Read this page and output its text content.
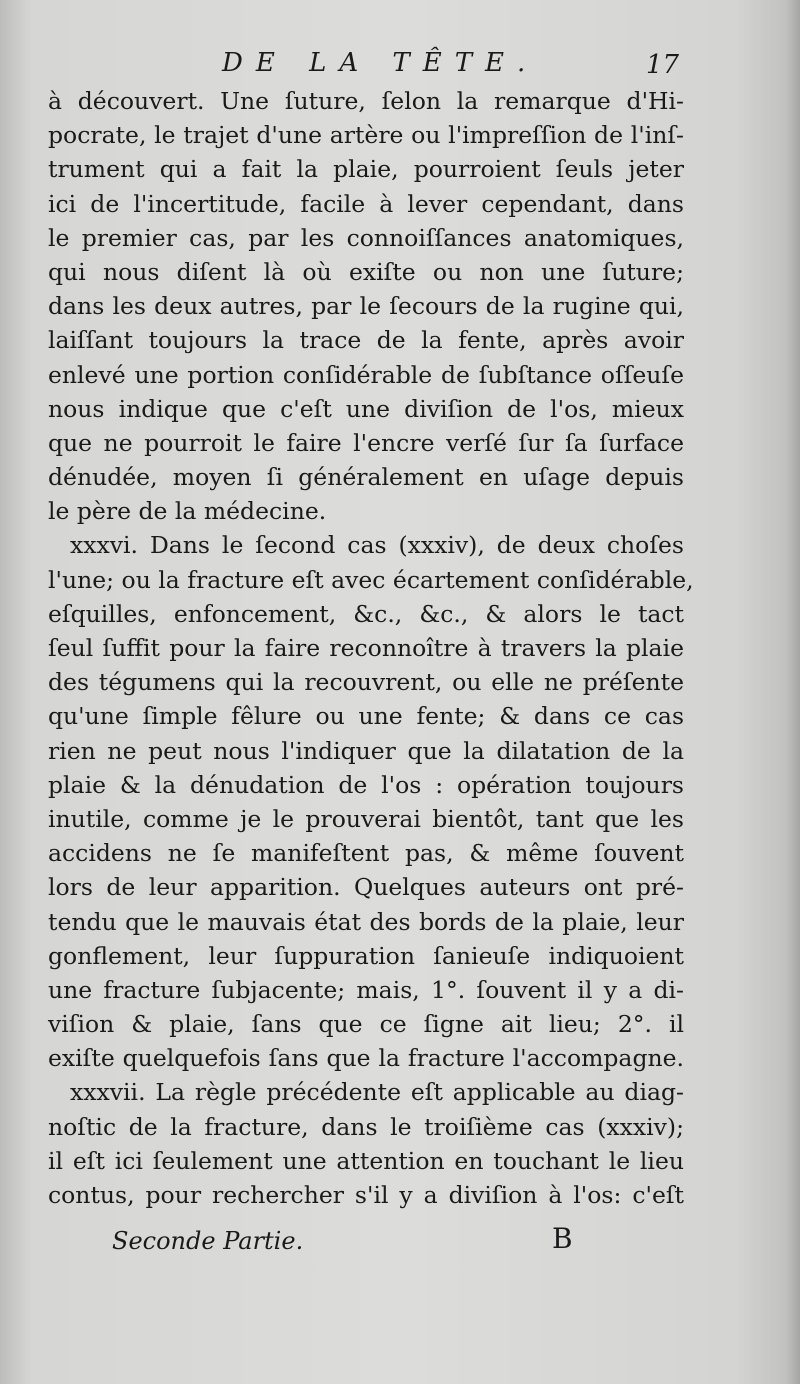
DE LA TÊTE.	17
à découvert. Une ſuture, ſelon la remarque d'Hi-
pocrate, le trajet d'une artère ou l'impreſſion de l'inſ-
trument qui a fait la plaie, pourroient ſeuls jeter
ici de l'incertitude, facile à lever cependant, dans
le premier cas, par les connoiſſances anatomiques,
qui nous diſent là où exiſte ou non une ſuture;
dans les deux autres, par le ſecours de la rugine qui,
laiſſant toujours la trace de la fente, après avoir
enlevé une portion conſidérable de ſubſtance oſſeuſe
nous indique que c'eſt une diviſion de l'os, mieux
que ne pourroit le faire l'encre verſé ſur ſa ſurface
dénudée, moyen ſi généralement en uſage depuis
le père de la médecine.
xxxvi. Dans le ſecond cas (xxxiv), de deux choſes
l'une; ou la fracture eſt avec écartement conſidérable,
eſquilles, enfoncement, &c., &c., & alors le tact
ſeul ſuffit pour la faire reconnoître à travers la plaie
des tégumens qui la recouvrent, ou elle ne préſente
qu'une ſimple fêlure ou une fente; & dans ce cas
rien ne peut nous l'indiquer que la dilatation de la
plaie & la dénudation de l'os : opération toujours
inutile, comme je le prouverai bientôt, tant que les
accidens ne ſe manifeſtent pas, & même ſouvent
lors de leur apparition. Quelques auteurs ont pré-
tendu que le mauvais état des bords de la plaie, leur
gonflement, leur ſuppuration ſanieuſe indiquoient
une fracture ſubjacente; mais, 1°. ſouvent il y a di-
viſion & plaie, ſans que ce ſigne ait lieu; 2°. il
exiſte quelquefois ſans que la fracture l'accompagne.
xxxvii. La règle précédente eſt applicable au diag-
noſtic de la fracture, dans le troiſième cas (xxxiv);
il eſt ici ſeulement une attention en touchant le lieu
contus, pour rechercher s'il y a diviſion à l'os: c'eſt
Seconde Partie.	B
